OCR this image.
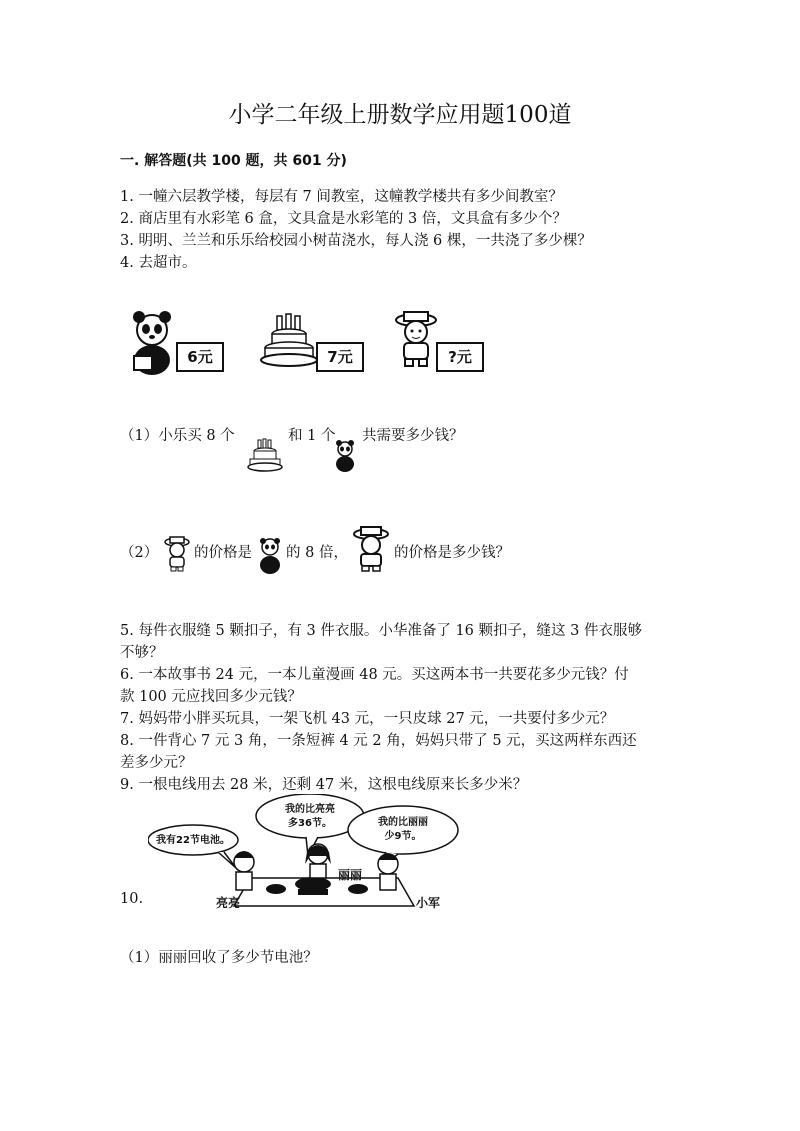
小学二年级上册数学应用题100道
一. 解答题(共 100 题，共 601 分)
1. 一幢六层教学楼，每层有 7 间教室，这幢教学楼共有多少间教室？
2. 商店里有水彩笔 6 盒，文具盒是水彩笔的 3 倍，文具盒有多少个？
3. 明明、兰兰和乐乐给校园小树苗浇水，每人浇 6 棵，一共浇了多少棵？
4. 去超市。
6元	7元	?元
（1）小乐买 8 个	和 1 个 共需要多少钱？
（2） 的价格是 的 8 倍，	的价格是多少钱？
5. 每件衣服缝 5 颗扣子，有 3 件衣服。小华准备了 16 颗扣子，缝这 3 件衣服够
不够？
6. 一本故事书 24 元，一本儿童漫画 48 元。买这两本书一共要花多少元钱？付
款 100 元应找回多少元钱？
7. 妈妈带小胖买玩具，一架飞机 43 元，一只皮球 27 元，一共要付多少元？
8. 一件背心 7 元 3 角，一条短裤 4 元 2 角，妈妈只带了 5 元，买这两样东西还
差多少元？
9. 一根电线用去 28 米，还剩 47 米，这根电线原来长多少米？
10.
我有22节电池。
我的比亮亮
多36节。	我的比丽丽
少9节。
亮亮
丽丽
小军
（1）丽丽回收了多少节电池？
